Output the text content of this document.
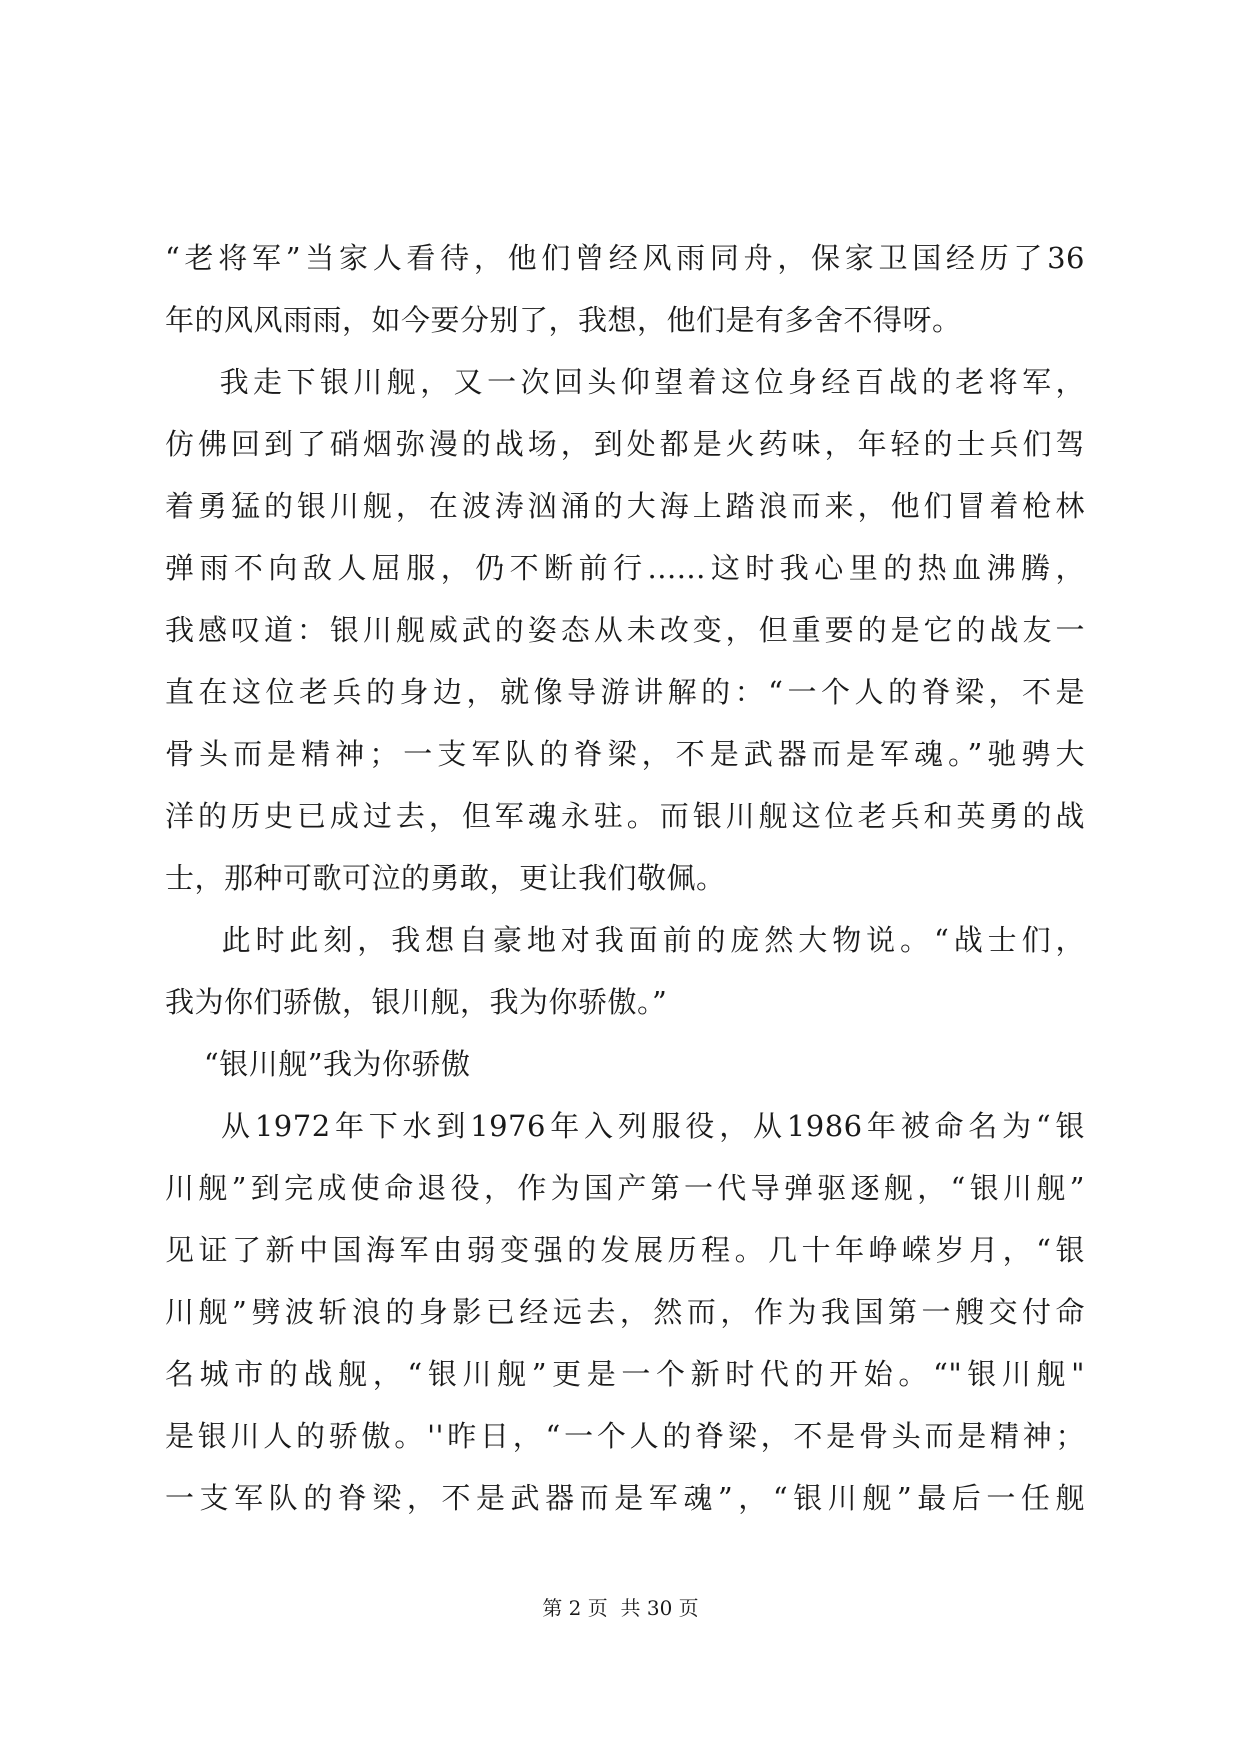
“老将军”当家人看待，他们曾经风雨同舟，保家卫国经历了36
年的风风雨雨，如今要分别了，我想，他们是有多舍不得呀。
我走下银川舰，又一次回头仰望着这位身经百战的老将军，
仿佛回到了硝烟弥漫的战场，到处都是火药味，年轻的士兵们驾
着勇猛的银川舰，在波涛汹涌的大海上踏浪而来，他们冒着枪林
弹雨不向敌人屈服，仍不断前行......这时我心里的热血沸腾，
我感叹道：银川舰威武的姿态从未改变，但重要的是它的战友一
直在这位老兵的身边，就像导游讲解的：“一个人的脊梁，不是
骨头而是精神；一支军队的脊梁，不是武器而是军魂。”驰骋大
洋的历史已成过去，但军魂永驻。而银川舰这位老兵和英勇的战
士，那种可歌可泣的勇敢，更让我们敬佩。
此时此刻，我想自豪地对我面前的庞然大物说。“战士们，
我为你们骄傲，银川舰，我为你骄傲。”
“银川舰”我为你骄傲
从1972年下水到1976年入列服役，从1986年被命名为“银
川舰”到完成使命退役，作为国产第一代导弹驱逐舰，“银川舰”
见证了新中国海军由弱变强的发展历程。几十年峥嵘岁月，“银
川舰”劈波斩浪的身影已经远去，然而，作为我国第一艘交付命
名城市的战舰，“银川舰”更是一个新时代的开始。“"银川舰"
是银川人的骄傲。''昨日，“一个人的脊梁，不是骨头而是精神；
一支军队的脊梁，不是武器而是军魂”，“银川舰”最后一任舰
第 2 页  共 30 页
